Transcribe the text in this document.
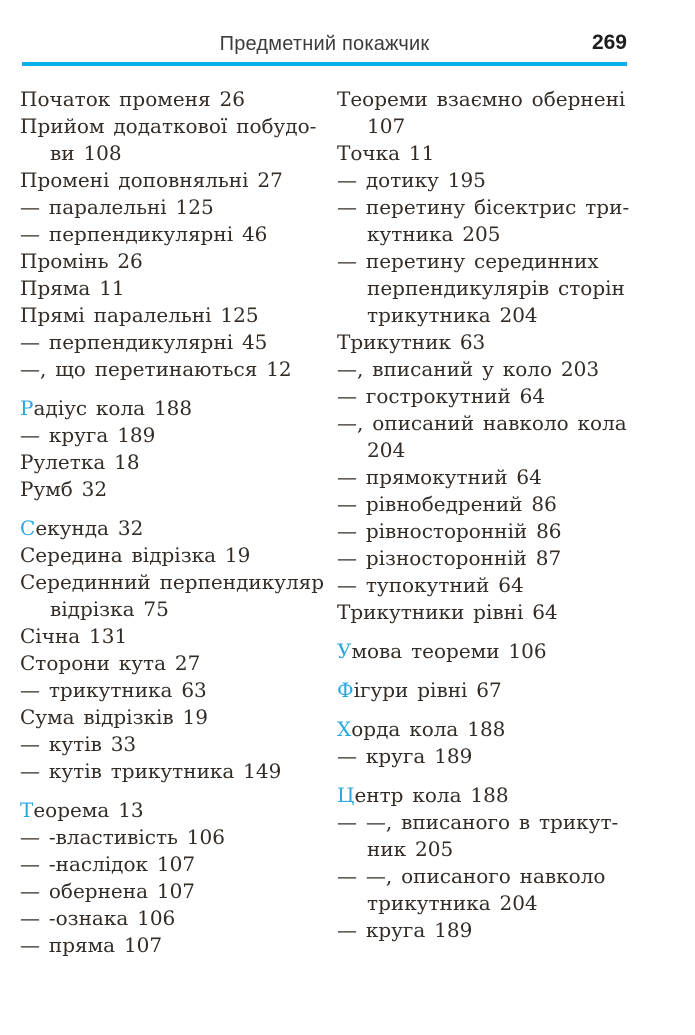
Предметний покажчик	269
Початок променя 26
Прийом додаткової побудо-
ви 108
Промені доповняльні 27
— паралельні 125
— перпендикулярні 46
Промінь 26
Пряма 11
Прямі паралельні 125
— перпендикулярні 45
—, що перетинаються 12
Радіус кола 188
— круга 189
Рулетка 18
Румб 32
Секунда 32
Середина відрізка 19
Серединний перпендикуляр
відрізка 75
Січна 131
Сторони кута 27
— трикутника 63
Сума відрізків 19
— кутів 33
— кутів трикутника 149
Теорема 13
— -властивість 106
— -наслідок 107
— обернена 107
— -ознака 106
— пряма 107
Теореми взаємно обернені
107
Точка 11
— дотику 195
— перетину бісектрис три-
кутника 205
— перетину серединних
перпендикулярів сторін
трикутника 204
Трикутник 63
—, вписаний у коло 203
— гострокутний 64
—, описаний навколо кола
204
— прямокутний 64
— рівнобедрений 86
— рівносторонній 86
— різносторонній 87
— тупокутний 64
Трикутники рівні 64
Умова теореми 106
Фігури рівні 67
Хорда кола 188
— круга 189
Центр кола 188
— —, вписаного в трикут-
ник 205
— —, описаного навколо
трикутника 204
— круга 189
